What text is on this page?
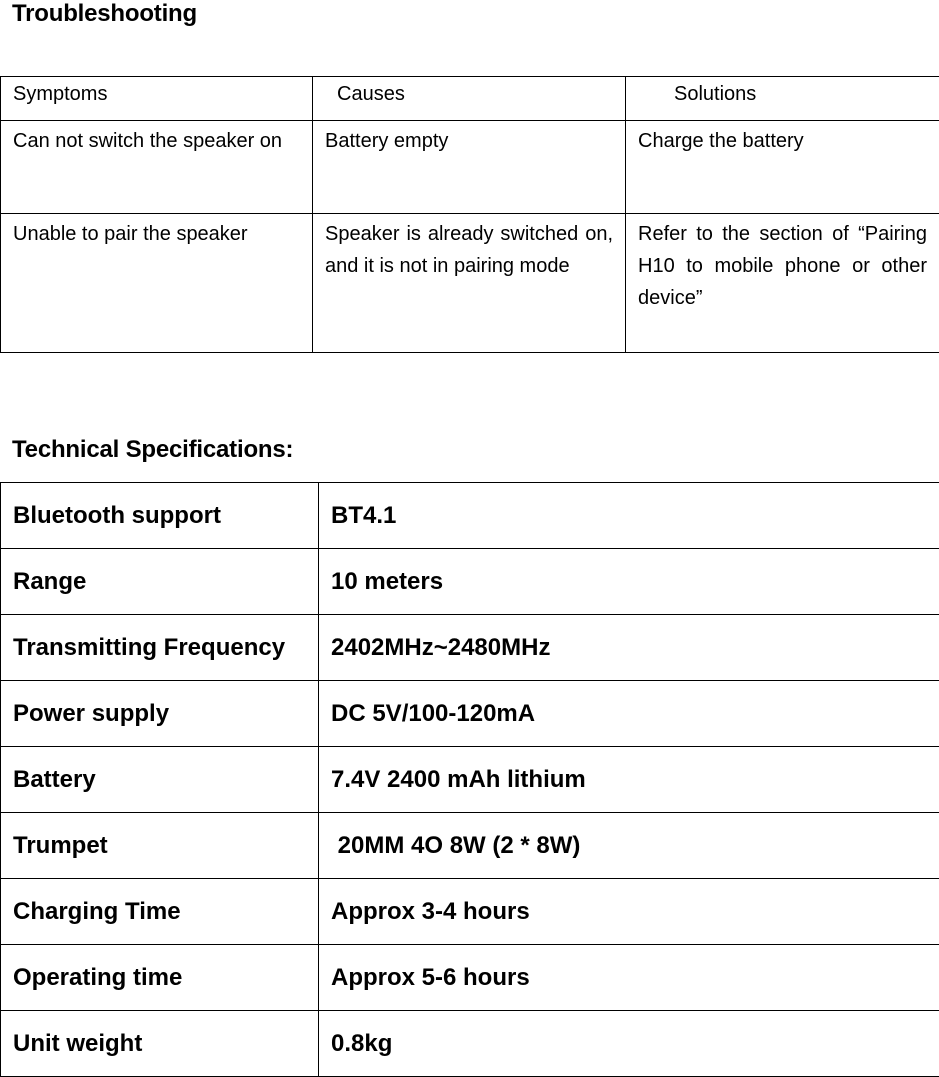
Troubleshooting
Symptoms	Causes	Solutions
Can not switch the speaker on	Battery empty	Charge the battery
Unable to pair the speaker	Speaker is already switched on, and it is not in pairing mode	Refer to the section of “Pairing H10 to mobile phone or other device”
Technical Specifications:
Bluetooth support	BT4.1
Range	10 meters
Transmitting Frequency	2402MHz~2480MHz
Power supply	DC 5V/100-120mA
Battery	7.4V 2400 mAh lithium
Trumpet	20MM 4O 8W (2 * 8W)
Charging Time	Approx 3-4 hours
Operating time	Approx 5-6 hours
Unit weight	0.8kg
